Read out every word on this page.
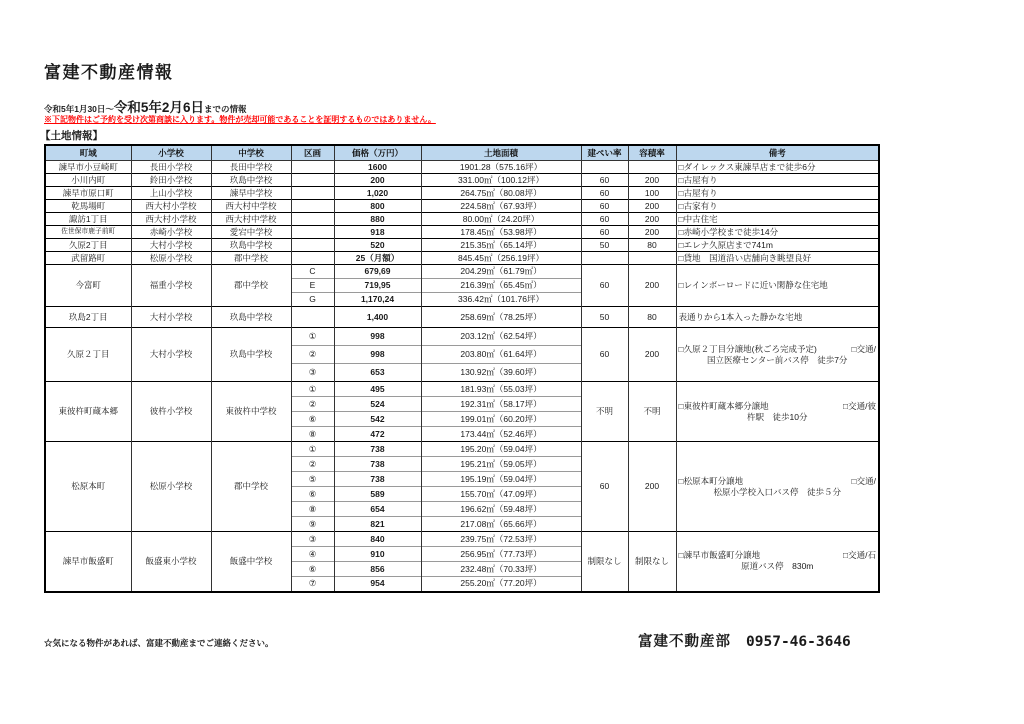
富建不動産情報
令和5年1月30日～令和5年2月6日までの情報
※下記物件はご予約を受け次第商談に入ります。物件が売却可能であることを証明するものではありません。
【土地情報】
町域	小学校	中学校	区画	価格（万円）	土地面積	建ぺい率	容積率	備考
諫早市小豆崎町	長田小学校	長田中学校		1600	1901.28（575.16坪）			□ダイレックス東諫早店まで徒歩6分

小川内町	鈴田小学校	玖島中学校		200	331.00㎡（100.12坪）	60	200	□古屋有り

諫早市原口町	上山小学校	諫早中学校		1,020	264.75㎡（80.08坪）	60	100	□古屋有り

乾馬場町	西大村小学校	西大村中学校		800	224.58㎡（67.93坪）	60	200	□古家有り

諏訪1丁目	西大村小学校	西大村中学校		880	80.00㎡（24.20坪）	60	200	□中古住宅

佐世保市鹿子前町	赤崎小学校	愛宕中学校		918	178.45㎡（53.98坪）	60	200	□赤崎小学校まで徒歩14分

久原2丁目	大村小学校	玖島中学校		520	215.35㎡（65.14坪）	50	80	□エレナ久原店まで741m

武留路町	松原小学校	郡中学校		25（月額）	845.45㎡（256.19坪）			□貸地　国道沿い店舗向き眺望良好

今富町	福重小学校	郡中学校	C	679,69	204.29㎡（61.79㎡）	60	200	□レインボーロードに近い閑静な住宅地

			E	719,95	216.39㎡（65.45㎡）			
			G	1,170,24	336.42㎡（101.76坪）			
玖島2丁目	大村小学校	玖島中学校		1,400	258.69㎡（78.25坪）	50	80	表通りから1本入った静かな宅地

久原２丁目	大村小学校	玖島中学校	①	998	203.12㎡（62.54坪）	60	200	□久原２丁目分譲地(秋ごろ完成予定) □交通/
国立医療センター前バス停　徒歩7分

			②	998	203.80㎡（61.64坪）			
			③	653	130.92㎡（39.60坪）			
東彼杵町蔵本郷	彼杵小学校	東彼杵中学校	①	495	181.93㎡（55.03坪）	不明	不明	□東彼杵町蔵本郷分譲地 □交通/彼
杵駅　徒歩10分

			②	524	192.31㎡（58.17坪）			
			⑥	542	199.01㎡（60.20坪）			
			⑧	472	173.44㎡（52.46坪）			
松原本町	松原小学校	郡中学校	①	738	195.20㎡（59.04坪）	60	200	□松原本町分譲地 □交通/
松原小学校入口バス停　徒歩５分

			②	738	195.21㎡（59.05坪）			
			⑤	738	195.19㎡（59.04坪）			
			⑥	589	155.70㎡（47.09坪）			
			⑧	654	196.62㎡（59.48坪）			
			⑨	821	217.08㎡（65.66坪）			
諫早市飯盛町	飯盛東小学校	飯盛中学校	③	840	239.75㎡（72.53坪）	制限なし	制限なし	□諫早市飯盛町分譲地 □交通/石
原道バス停　830m

			④	910	256.95㎡（77.73坪）			
			⑥	856	232.48㎡（70.33坪）			
			⑦	954	255.20㎡（77.20坪）			
☆気になる物件があれば、富建不動産までご連絡ください。	富建不動産部 0957-46-3646
